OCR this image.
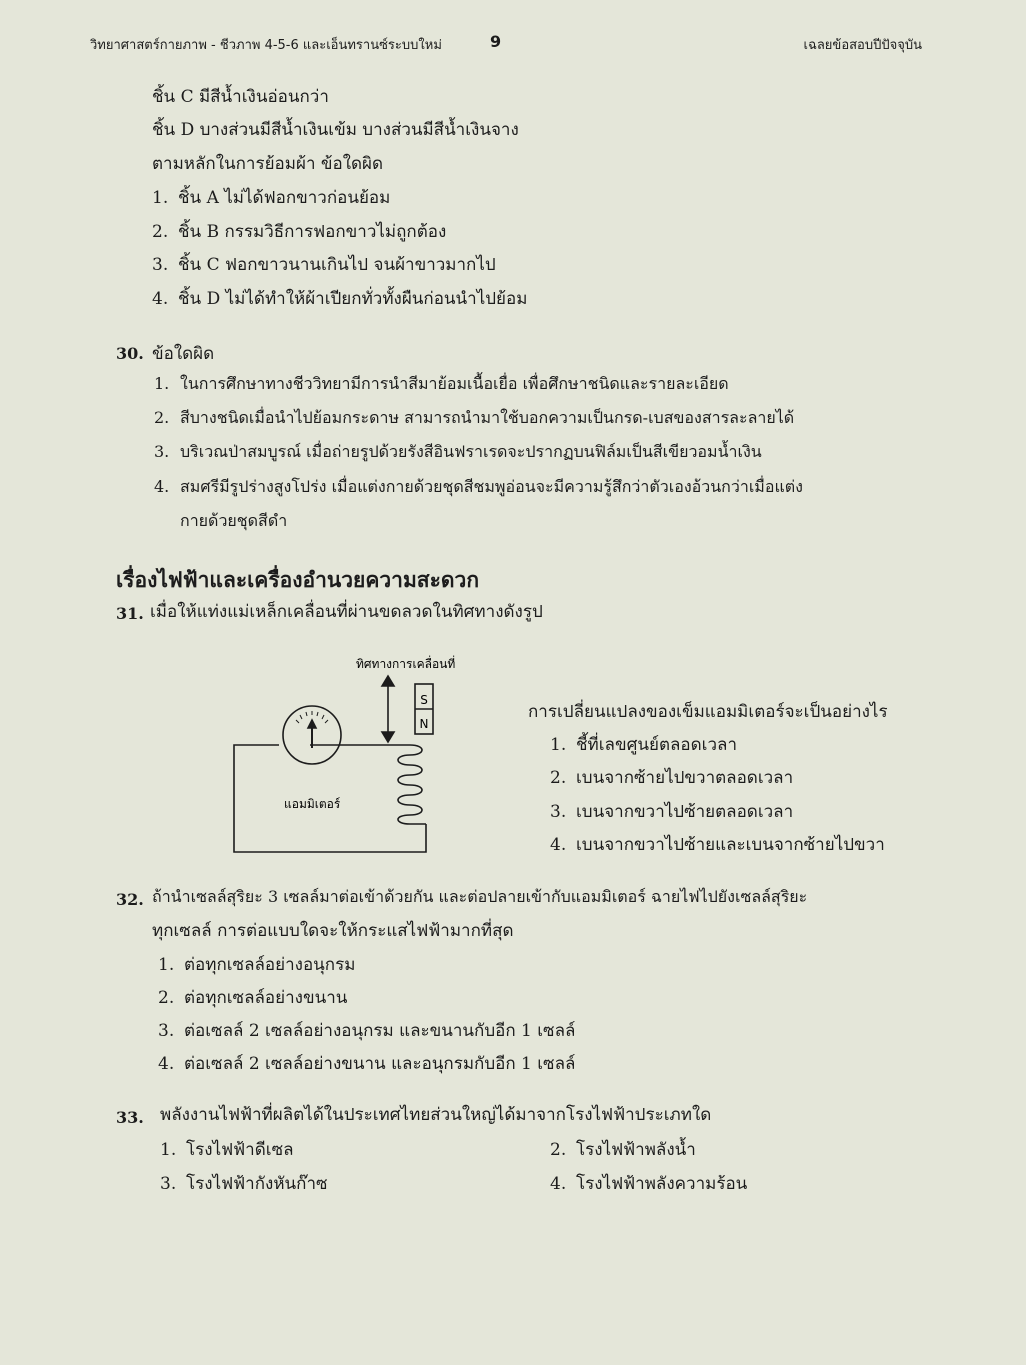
วิทยาศาสตร์กายภาพ - ชีวภาพ 4-5-6 และเอ็นทรานซ์ระบบใหม่	9	เฉลยข้อสอบปีปัจจุบัน
ชิ้น C มีสีน้ำเงินอ่อนกว่า
ชิ้น D บางส่วนมีสีน้ำเงินเข้ม บางส่วนมีสีน้ำเงินจาง
ตามหลักในการย้อมผ้า ข้อใดผิด
1. ชิ้น A ไม่ได้ฟอกขาวก่อนย้อม
2. ชิ้น B กรรมวิธีการฟอกขาวไม่ถูกต้อง
3. ชิ้น C ฟอกขาวนานเกินไป จนผ้าขาวมากไป
4. ชิ้น D ไม่ได้ทำให้ผ้าเปียกทั่วทั้งผืนก่อนนำไปย้อม
30. ข้อใดผิด
1. ในการศึกษาทางชีววิทยามีการนำสีมาย้อมเนื้อเยื่อ เพื่อศึกษาชนิดและรายละเอียด
2. สีบางชนิดเมื่อนำไปย้อมกระดาษ สามารถนำมาใช้บอกความเป็นกรด-เบสของสารละลายได้
3. บริเวณป่าสมบูรณ์ เมื่อถ่ายรูปด้วยรังสีอินฟราเรดจะปรากฏบนฟิล์มเป็นสีเขียวอมน้ำเงิน
4. สมศรีมีรูปร่างสูงโปร่ง เมื่อแต่งกายด้วยชุดสีชมพูอ่อนจะมีความรู้สึกว่าตัวเองอ้วนกว่าเมื่อแต่ง
กายด้วยชุดสีดำ
เรื่องไฟฟ้าและเครื่องอำนวยความสะดวก
31. เมื่อให้แท่งแม่เหล็กเคลื่อนที่ผ่านขดลวดในทิศทางดังรูป
S
N
ทิศทางการเคลื่อนที่
แอมมิเตอร์
การเปลี่ยนแปลงของเข็มแอมมิเตอร์จะเป็นอย่างไร
1. ชี้ที่เลขศูนย์ตลอดเวลา
2. เบนจากซ้ายไปขวาตลอดเวลา
3. เบนจากขวาไปซ้ายตลอดเวลา
4. เบนจากขวาไปซ้ายและเบนจากซ้ายไปขวา
32. ถ้านำเซลล์สุริยะ 3 เซลล์มาต่อเข้าด้วยกัน และต่อปลายเข้ากับแอมมิเตอร์ ฉายไฟไปยังเซลล์สุริยะ
ทุกเซลล์ การต่อแบบใดจะให้กระแสไฟฟ้ามากที่สุด
1. ต่อทุกเซลล์อย่างอนุกรม
2. ต่อทุกเซลล์อย่างขนาน
3. ต่อเซลล์ 2 เซลล์อย่างอนุกรม และขนานกับอีก 1 เซลล์
4. ต่อเซลล์ 2 เซลล์อย่างขนาน และอนุกรมกับอีก 1 เซลล์
33. พลังงานไฟฟ้าที่ผลิตได้ในประเทศไทยส่วนใหญ่ได้มาจากโรงไฟฟ้าประเภทใด
1. โรงไฟฟ้าดีเซล	2. โรงไฟฟ้าพลังน้ำ
3. โรงไฟฟ้ากังหันก๊าซ	4. โรงไฟฟ้าพลังความร้อน
